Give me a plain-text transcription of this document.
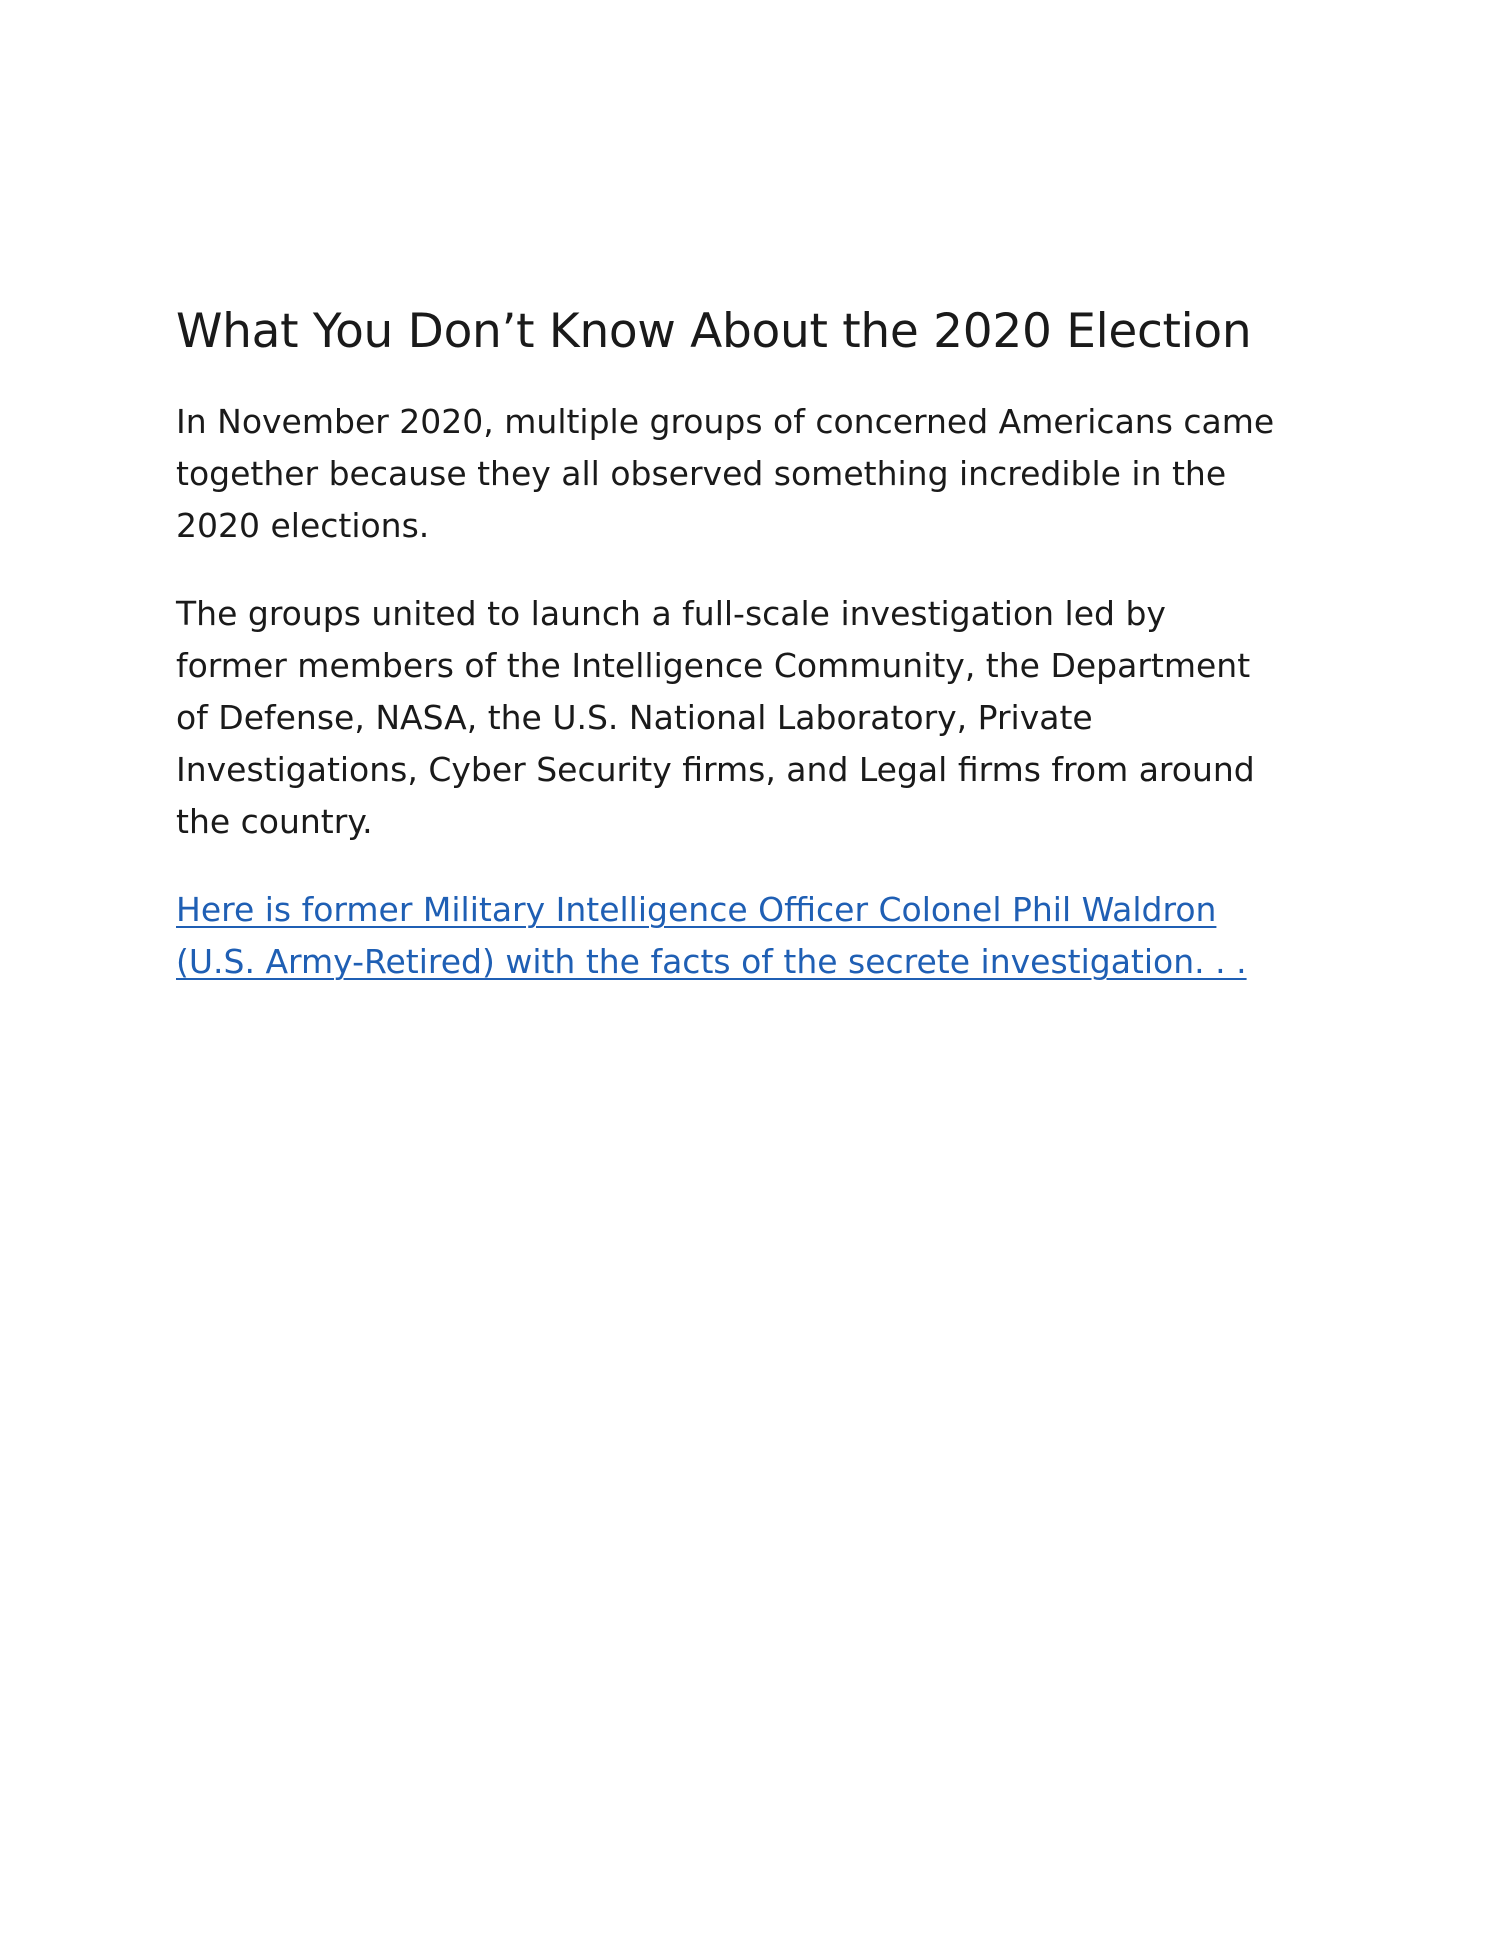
What You Don’t Know About the 2020 Election

In November 2020, multiple groups of concerned Americans came
together because they all observed something incredible in the
2020 elections.

The groups united to launch a full-scale investigation led by
former members of the Intelligence Community, the Department
of Defense, NASA, the U.S. National Laboratory, Private
Investigations, Cyber Security firms, and Legal firms from around
the country.

Here is former Military Intelligence Officer Colonel Phil Waldron
(U.S. Army-Retired) with the facts of the secrete investigation. . .
